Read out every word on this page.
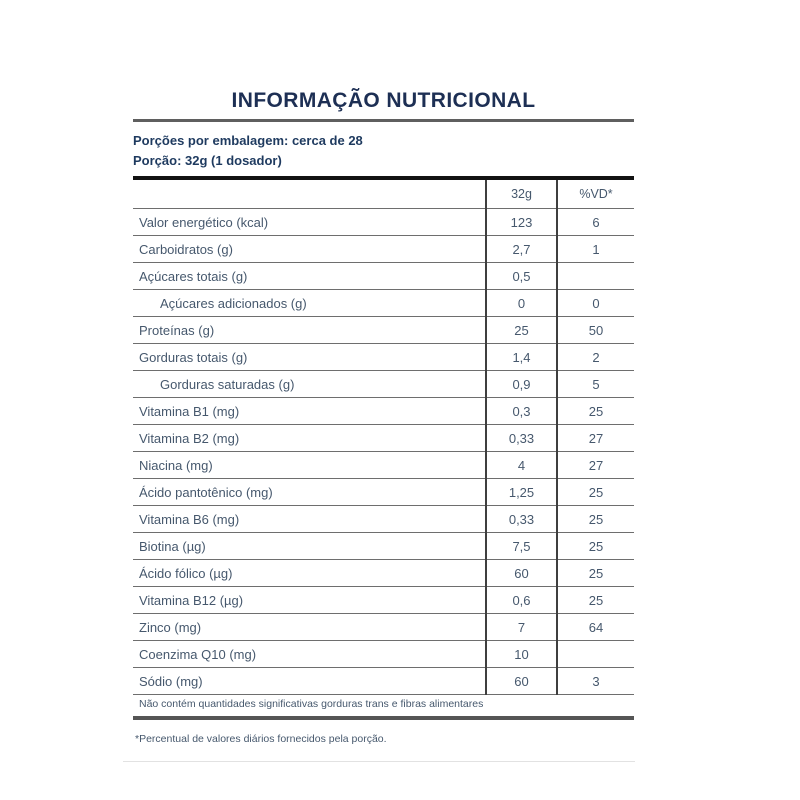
INFORMAÇÃO NUTRICIONAL
Porções por embalagem: cerca de 28
Porção: 32g (1 dosador)
	32g	%VD*
Valor energético (kcal)	123	6
Carboidratos (g)	2,7	1
Açúcares totais (g)	0,5	
Açúcares adicionados (g)	0	0
Proteínas (g)	25	50
Gorduras totais (g)	1,4	2
Gorduras saturadas (g)	0,9	5
Vitamina B1 (mg)	0,3	25
Vitamina B2 (mg)	0,33	27
Niacina (mg)	4	27
Ácido pantotênico (mg)	1,25	25
Vitamina B6 (mg)	0,33	25
Biotina (µg)	7,5	25
Ácido fólico (µg)	60	25
Vitamina B12 (µg)	0,6	25
Zinco (mg)	7	64
Coenzima Q10 (mg)	10	
Sódio (mg)	60	3
Não contém quantidades significativas gorduras trans e fibras alimentares
*Percentual de valores diários fornecidos pela porção.
